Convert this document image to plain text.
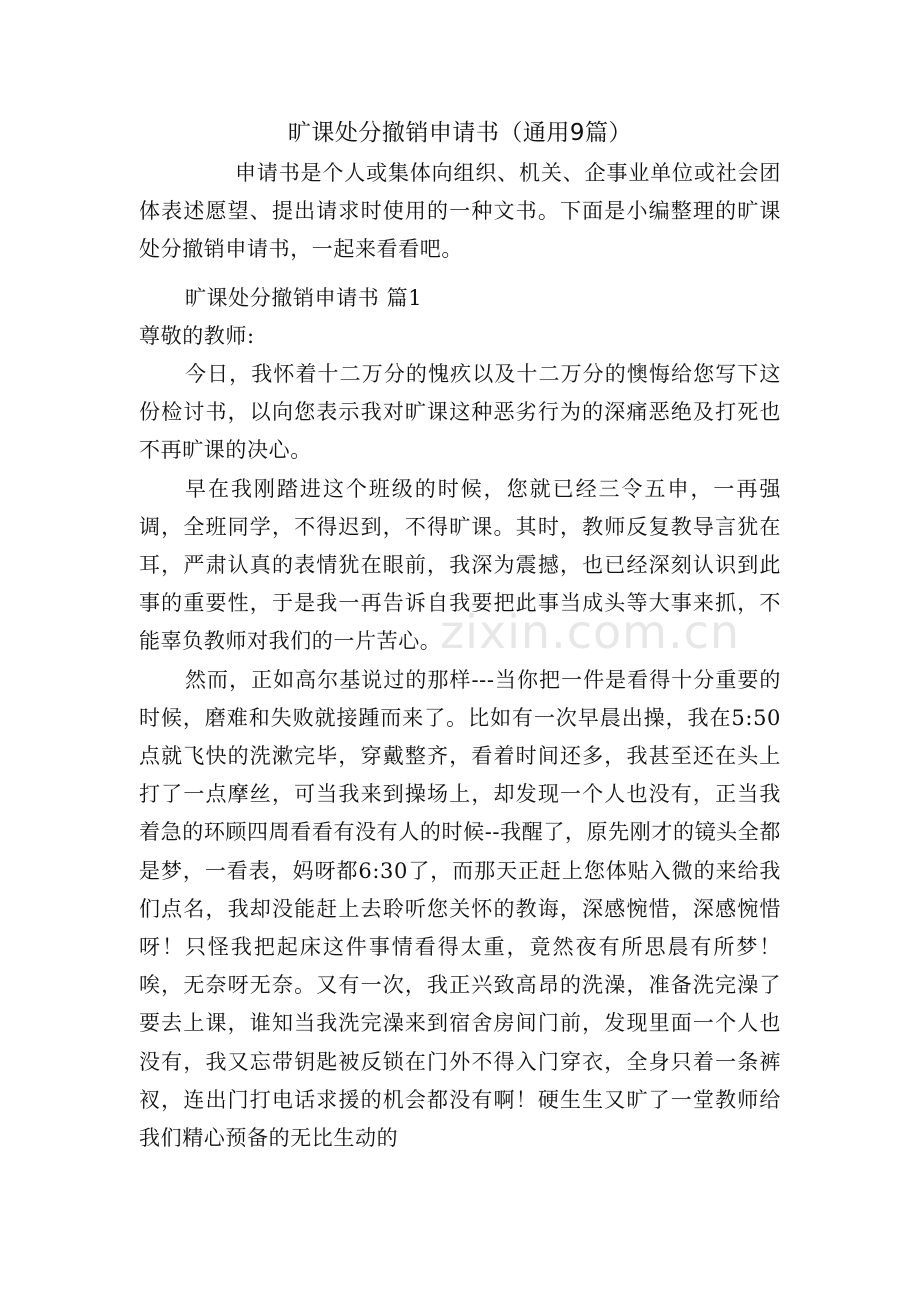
旷课处分撤销申请书（通用9篇）

申请书是个人或集体向组织、机关、企事业单位或社会团体表述愿望、提出请求时使用的一种文书。下面是小编整理的旷课处分撤销申请书，一起来看看吧。

旷课处分撤销申请书 篇1

尊敬的教师:

今日，我怀着十二万分的愧疚以及十二万分的懊悔给您写下这份检讨书，以向您表示我对旷课这种恶劣行为的深痛恶绝及打死也不再旷课的决心。

早在我刚踏进这个班级的时候，您就已经三令五申，一再强调，全班同学，不得迟到，不得旷课。其时，教师反复教导言犹在耳，严肃认真的表情犹在眼前，我深为震撼，也已经深刻认识到此事的重要性，于是我一再告诉自我要把此事当成头等大事来抓，不能辜负教师对我们的一片苦心。

然而，正如高尔基说过的那样---当你把一件是看得十分重要的时候，磨难和失败就接踵而来了。比如有一次早晨出操，我在5:50点就飞快的洗漱完毕，穿戴整齐，看着时间还多，我甚至还在头上打了一点摩丝，可当我来到操场上，却发现一个人也没有，正当我着急的环顾四周看看有没有人的时候--我醒了，原先刚才的镜头全都是梦，一看表，妈呀都6:30了，而那天正赶上您体贴入微的来给我们点名，我却没能赶上去聆听您关怀的教诲，深感惋惜，深感惋惜呀！只怪我把起床这件事情看得太重，竟然夜有所思晨有所梦！唉，无奈呀无奈。又有一次，我正兴致高昂的洗澡，准备洗完澡了要去上课，谁知当我洗完澡来到宿舍房间门前，发现里面一个人也没有，我又忘带钥匙被反锁在门外不得入门穿衣，全身只着一条裤衩，连出门打电话求援的机会都没有啊！硬生生又旷了一堂教师给我们精心预备的无比生动的

zixin.com.cn
